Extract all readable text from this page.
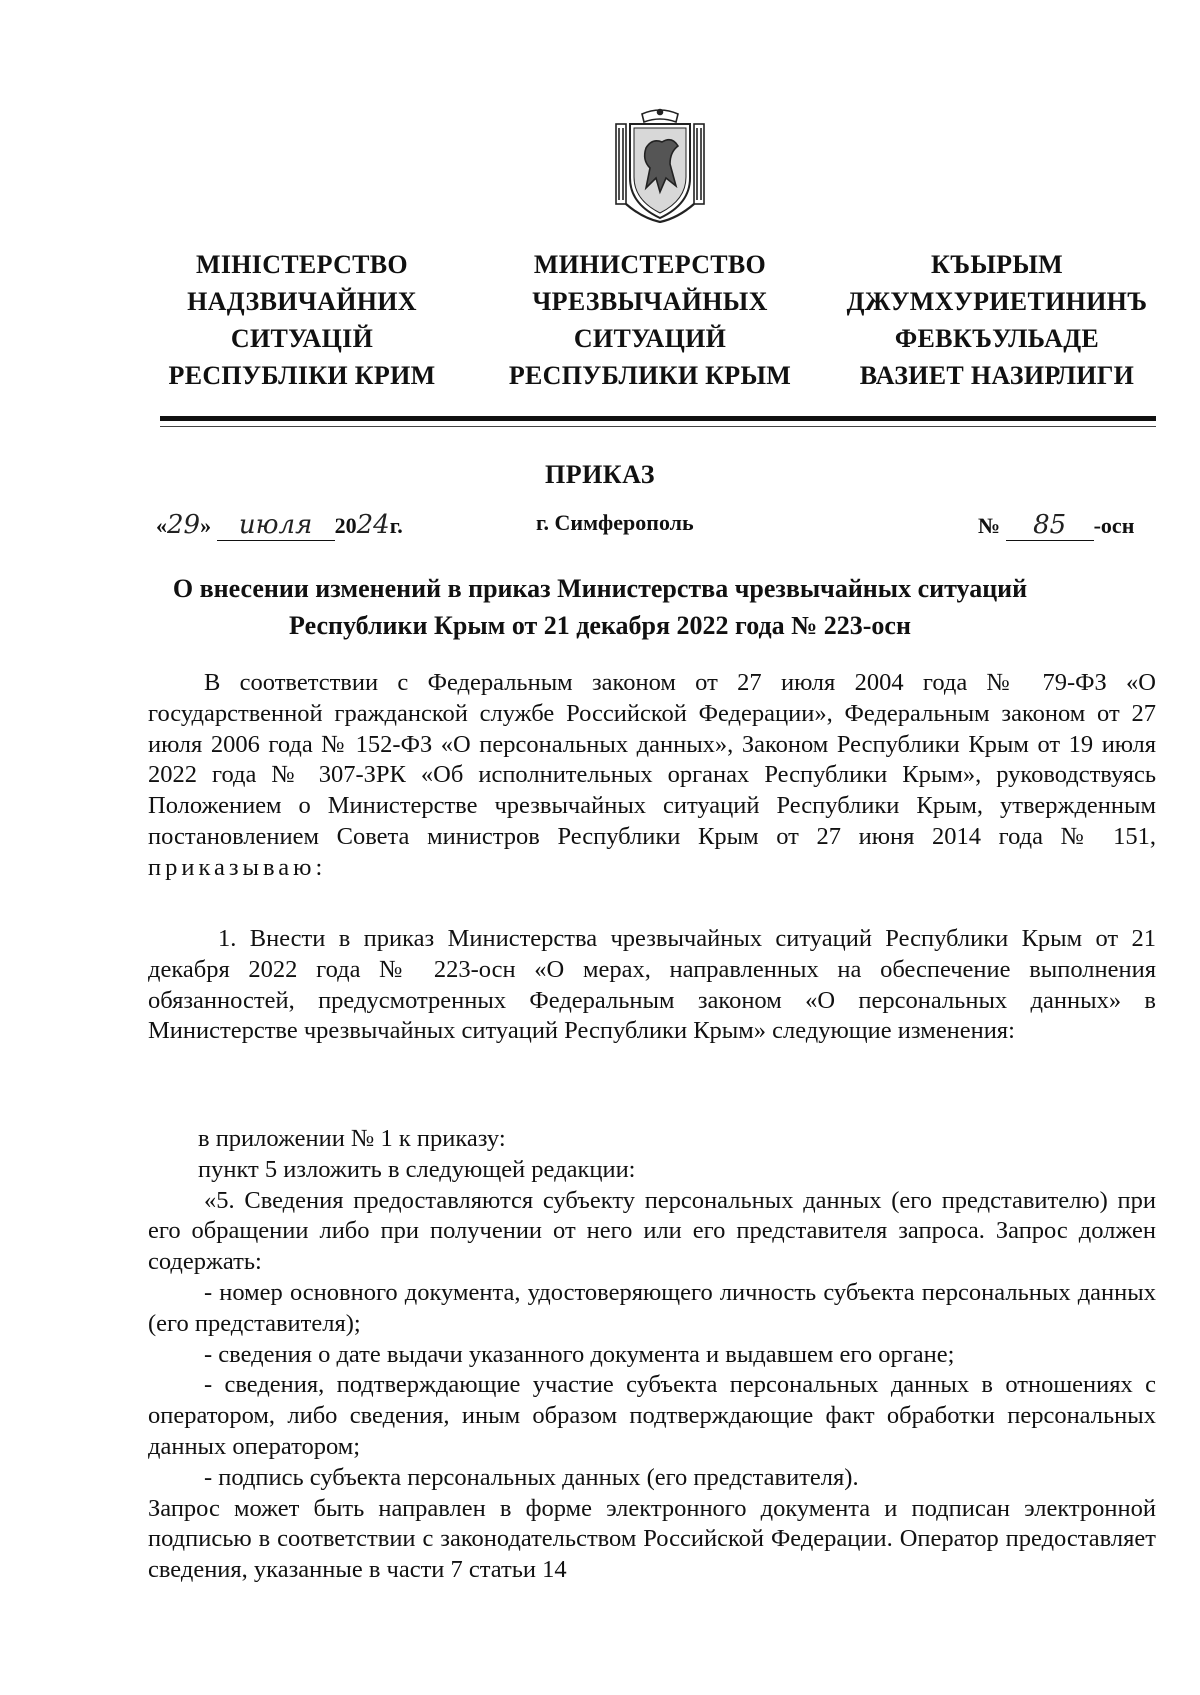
МІНІСТЕРСТВО
НАДЗВИЧАЙНИХ
СИТУАЦІЙ
РЕСПУБЛІКИ КРИМ
МИНИСТЕРСТВО
ЧРЕЗВЫЧАЙНЫХ
СИТУАЦИЙ
РЕСПУБЛИКИ КРЫМ
КЪЫРЫМ
ДЖУМХУРИЕТИНИНЪ
ФЕВКЪУЛЬАДЕ
ВАЗИЕТ НАЗИРЛИГИ
ПРИКАЗ
«29» июля 2024г.	г. Симферополь	№ 85 -осн
О внесении изменений в приказ Министерства чрезвычайных ситуаций
Республики Крым от 21 декабря 2022 года № 223-осн

В соответствии с Федеральным законом от 27 июля 2004 года № 79-ФЗ «О государственной гражданской службе Российской Федерации», Федеральным законом от 27 июля 2006 года № 152-ФЗ «О персональных данных», Законом Республики Крым от 19 июля 2022 года № 307-ЗРК «Об исполнительных органах Республики Крым», руководствуясь Положением о Министерстве чрезвычайных ситуаций Республики Крым, утвержденным постановлением Совета министров Республики Крым от 27 июня 2014 года № 151, приказываю:

1. Внести в приказ Министерства чрезвычайных ситуаций Республики Крым от 21 декабря 2022 года № 223-осн «О мерах, направленных на обеспечение выполнения обязанностей, предусмотренных Федеральным законом «О персональных данных» в Министерстве чрезвычайных ситуаций Республики Крым» следующие изменения:

в приложении № 1 к приказу:

пункт 5 изложить в следующей редакции:

«5. Сведения предоставляются субъекту персональных данных (его представителю) при его обращении либо при получении от него или его представителя запроса. Запрос должен содержать:

- номер основного документа, удостоверяющего личность субъекта персональных данных (его представителя);

- сведения о дате выдачи указанного документа и выдавшем его органе;

- сведения, подтверждающие участие субъекта персональных данных в отношениях с оператором, либо сведения, иным образом подтверждающие факт обработки персональных данных оператором;

- подпись субъекта персональных данных (его представителя).

Запрос может быть направлен в форме электронного документа и подписан электронной подписью в соответствии с законодательством Российской Федерации. Оператор предоставляет сведения, указанные в части 7 статьи 14
